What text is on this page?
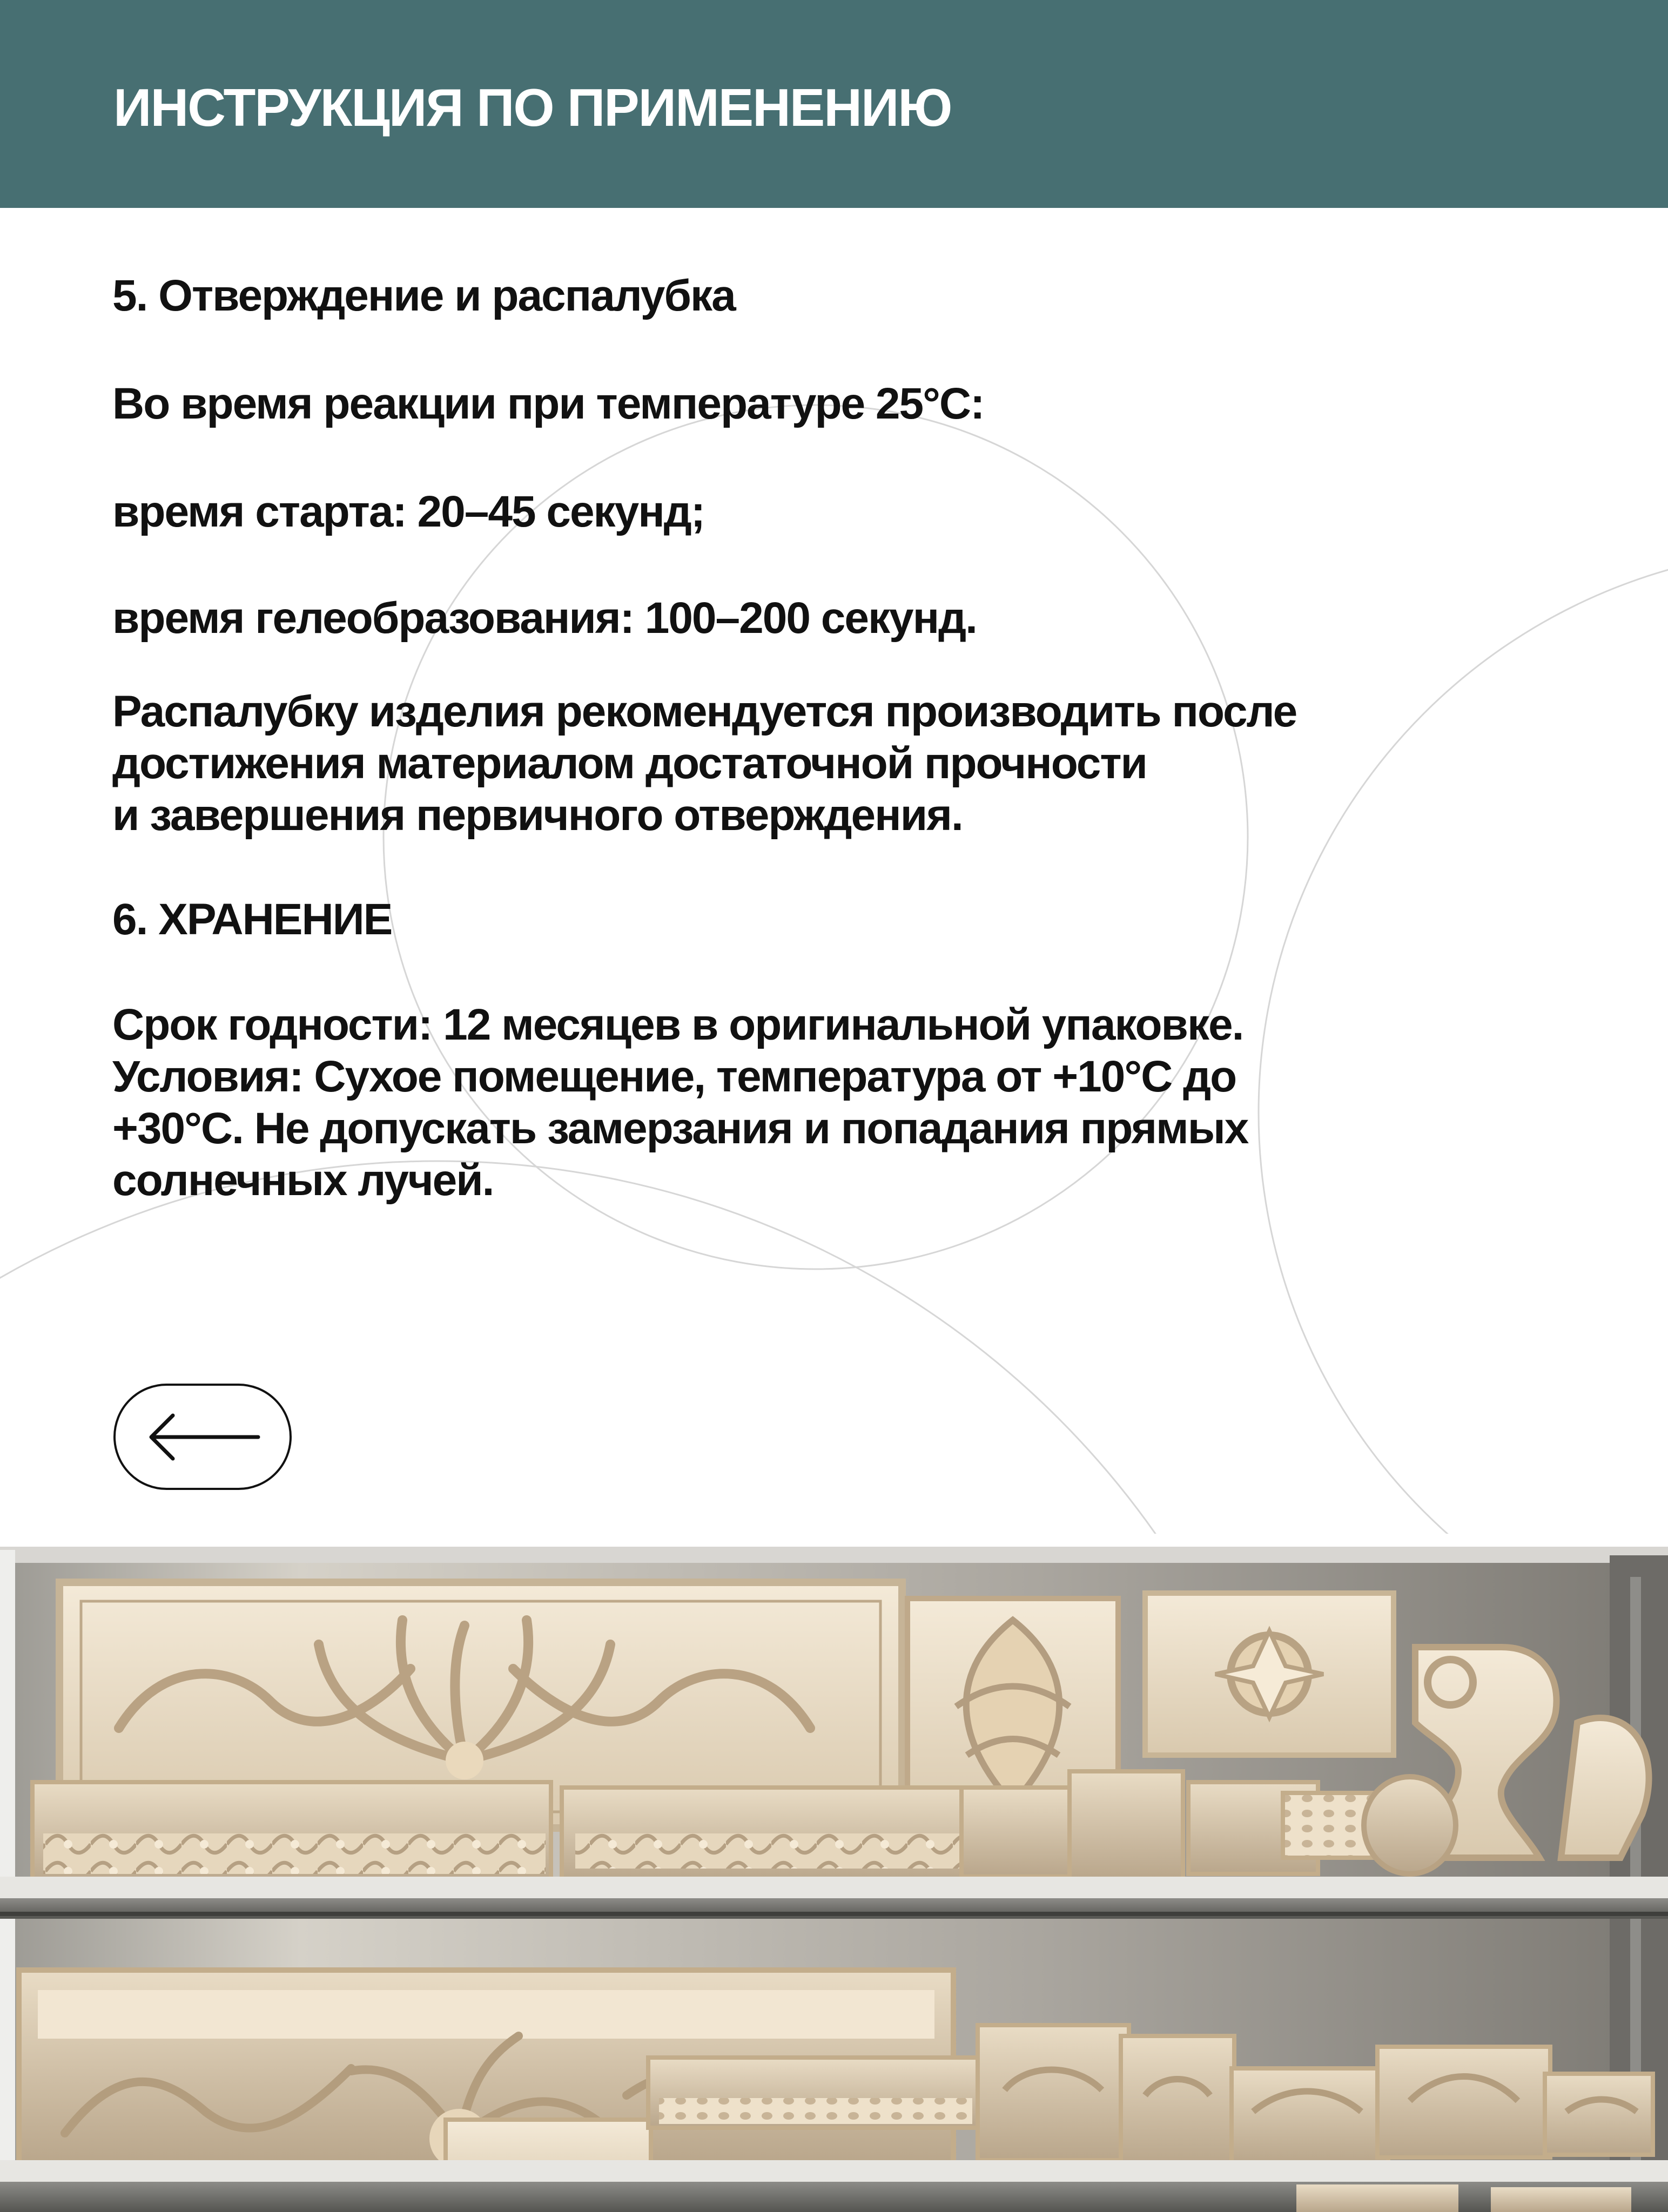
ИНСТРУКЦИЯ ПО ПРИМЕНЕНИЮ

5. Отверждение и распалубка

Во время реакции при температуре 25°C:

время старта: 20–45 секунд;

время гелеобразования: 100–200 секунд.

Распалубку изделия рекомендуется производить после
достижения материалом достаточной прочности
и завершения первичного отверждения.

6. ХРАНЕНИЕ

Срок годности: 12 месяцев в оригинальной упаковке.
Условия: Сухое помещение, температура от +10°C до
+30°C. Не допускать замерзания и попадания прямых
солнечных лучей.
